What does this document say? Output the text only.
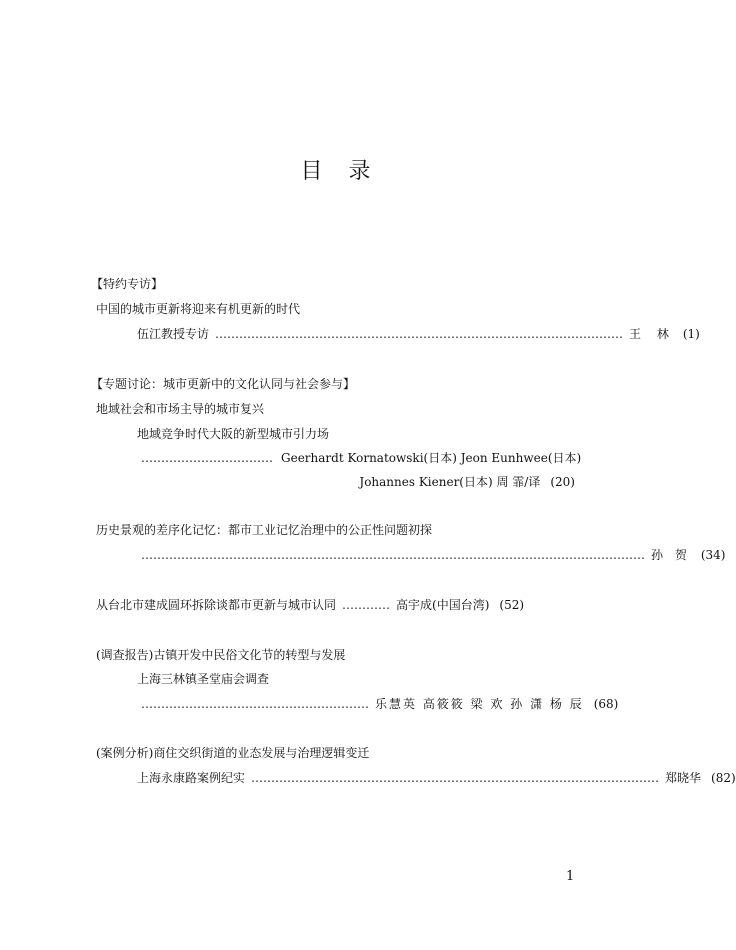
目 录
【特约专访】
中国的城市更新将迎来有机更新的时代
伍江教授专访 ………………………………………………………………………………………… 王 林 (1)
【专题讨论：城市更新中的文化认同与社会参与】
地域社会和市场主导的城市复兴
地域竞争时代大阪的新型城市引力场
…………………………… Geerhardt Kornatowski(日本) Jeon Eunhwee(日本)
Johannes Kiener(日本) 周 霏/译 (20)
历史景观的差序化记忆：都市工业记忆治理中的公正性问题初探
……………………………………………………………………………………………………………… 孙 贺 (34)
从台北市建成圆环拆除谈都市更新与城市认同 ………… 高宇成(中国台湾) (52)
(调查报告)古镇开发中民俗文化节的转型与发展
上海三林镇圣堂庙会调查
………………………………………………… 乐慧英 高筱筱 梁 欢 孙 潇 杨 辰 (68)
(案例分析)商住交织街道的业态发展与治理逻辑变迁
上海永康路案例纪实 ………………………………………………………………………………………… 郑晓华 (82)
1
